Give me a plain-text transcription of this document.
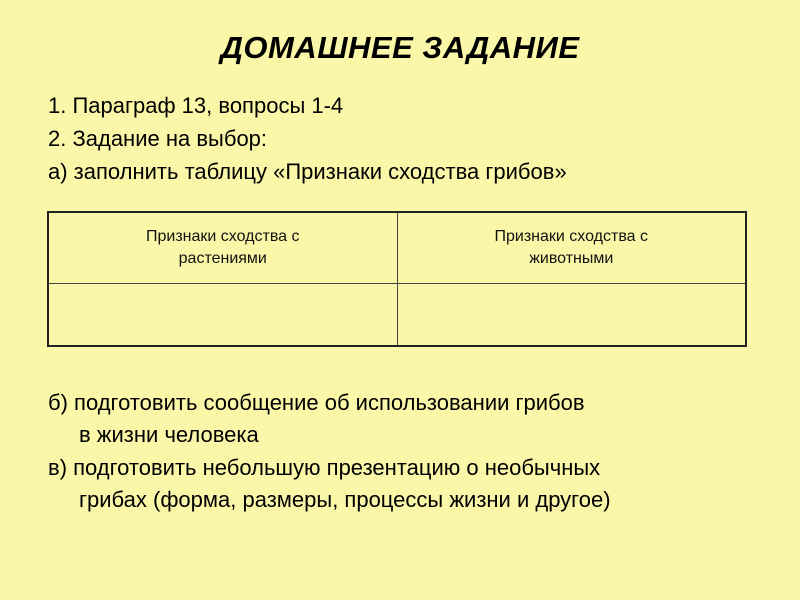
ДОМАШНЕЕ ЗАДАНИЕ
1. Параграф 13, вопросы 1-4
2. Задание на выбор:
а) заполнить таблицу «Признаки сходства грибов»
Признаки сходства с растениями	Признаки сходства с животными

б) подготовить сообщение об использовании грибов
в жизни человека
в) подготовить небольшую презентацию о необычных
грибах (форма, размеры, процессы жизни и другое)
